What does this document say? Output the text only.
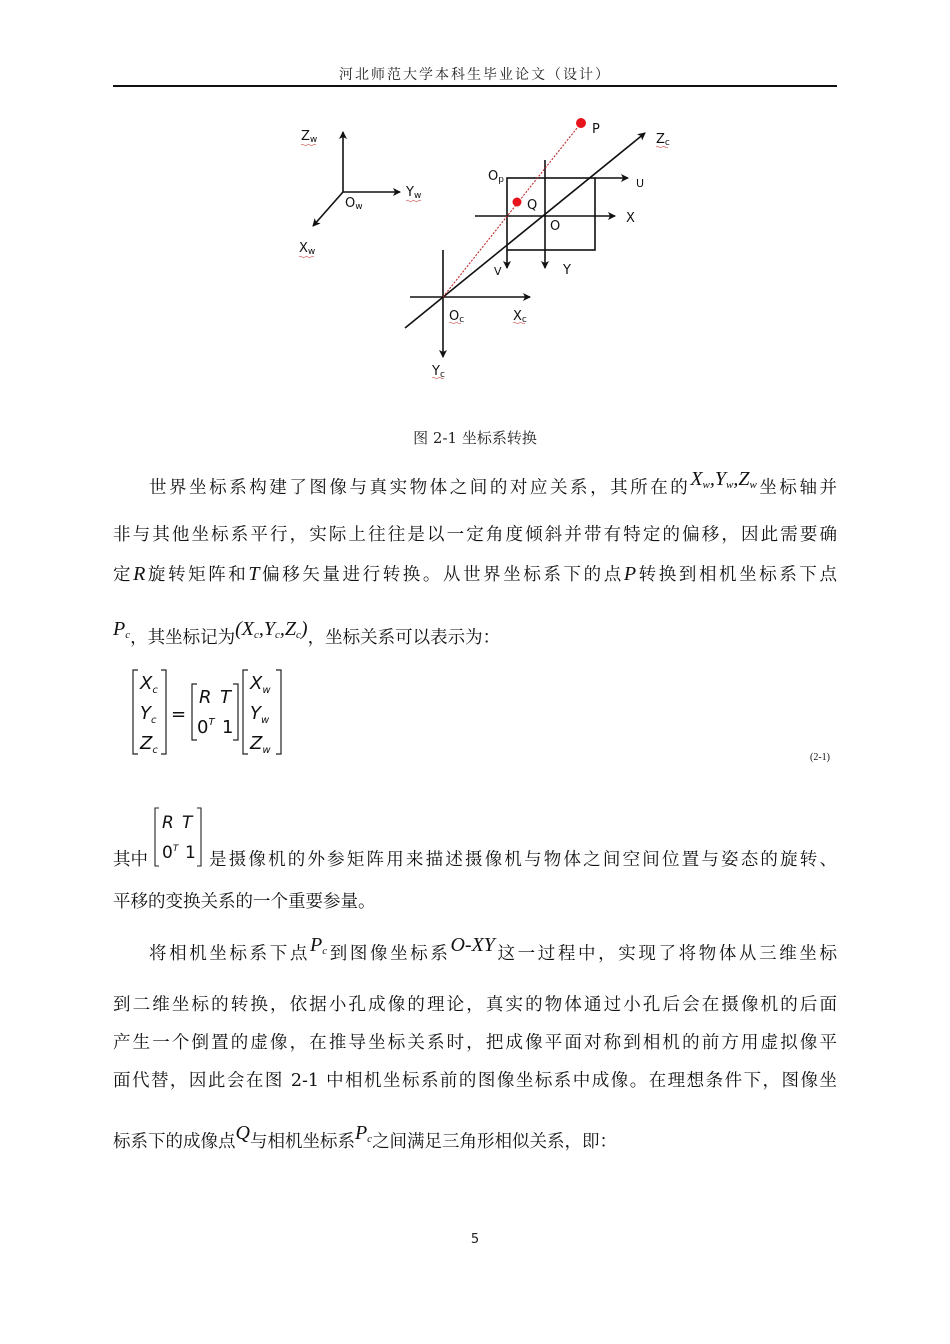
河北师范大学本科生毕业论文（设计）
Zw
Yw
Ow
Xw
P
Zc
Op	U
Q
X
O
V	Y
Oc	Xc
Yc
图 2-1 坐标系转换
世界坐标系构建了图像与真实物体之间的对应关系，其所在的$X_w,Y_w,Z_w$坐标轴并
非与其他坐标系平行，实际上往往是以一定角度倾斜并带有特定的偏移，因此需要确
定R旋转矩阵和T偏移矢量进行转换。从世界坐标系下的点P转换到相机坐标系下点
$P_c$，其坐标记为$(X_c,Y_c,Z_c)$，坐标关系可以表示为：
$X_c$
$Y_c$
$Z_c$
=
R T
$0^T$ 1
$X_w$
$Y_w$
$Z_w$
(2-1)
其中
R T
$0^T$ 1 是摄像机的外参矩阵用来描述摄像机与物体之间空间位置与姿态的旋转、
平移的变换关系的一个重要参量。
将相机坐标系下点$P_c$到图像坐标系O-XY这一过程中，实现了将物体从三维坐标
到二维坐标的转换，依据小孔成像的理论，真实的物体通过小孔后会在摄像机的后面
产生一个倒置的虚像，在推导坐标关系时，把成像平面对称到相机的前方用虚拟像平
面代替，因此会在图 2-1 中相机坐标系前的图像坐标系中成像。在理想条件下，图像坐
标系下的成像点Q与相机坐标系$P_c$之间满足三角形相似关系，即：
5
